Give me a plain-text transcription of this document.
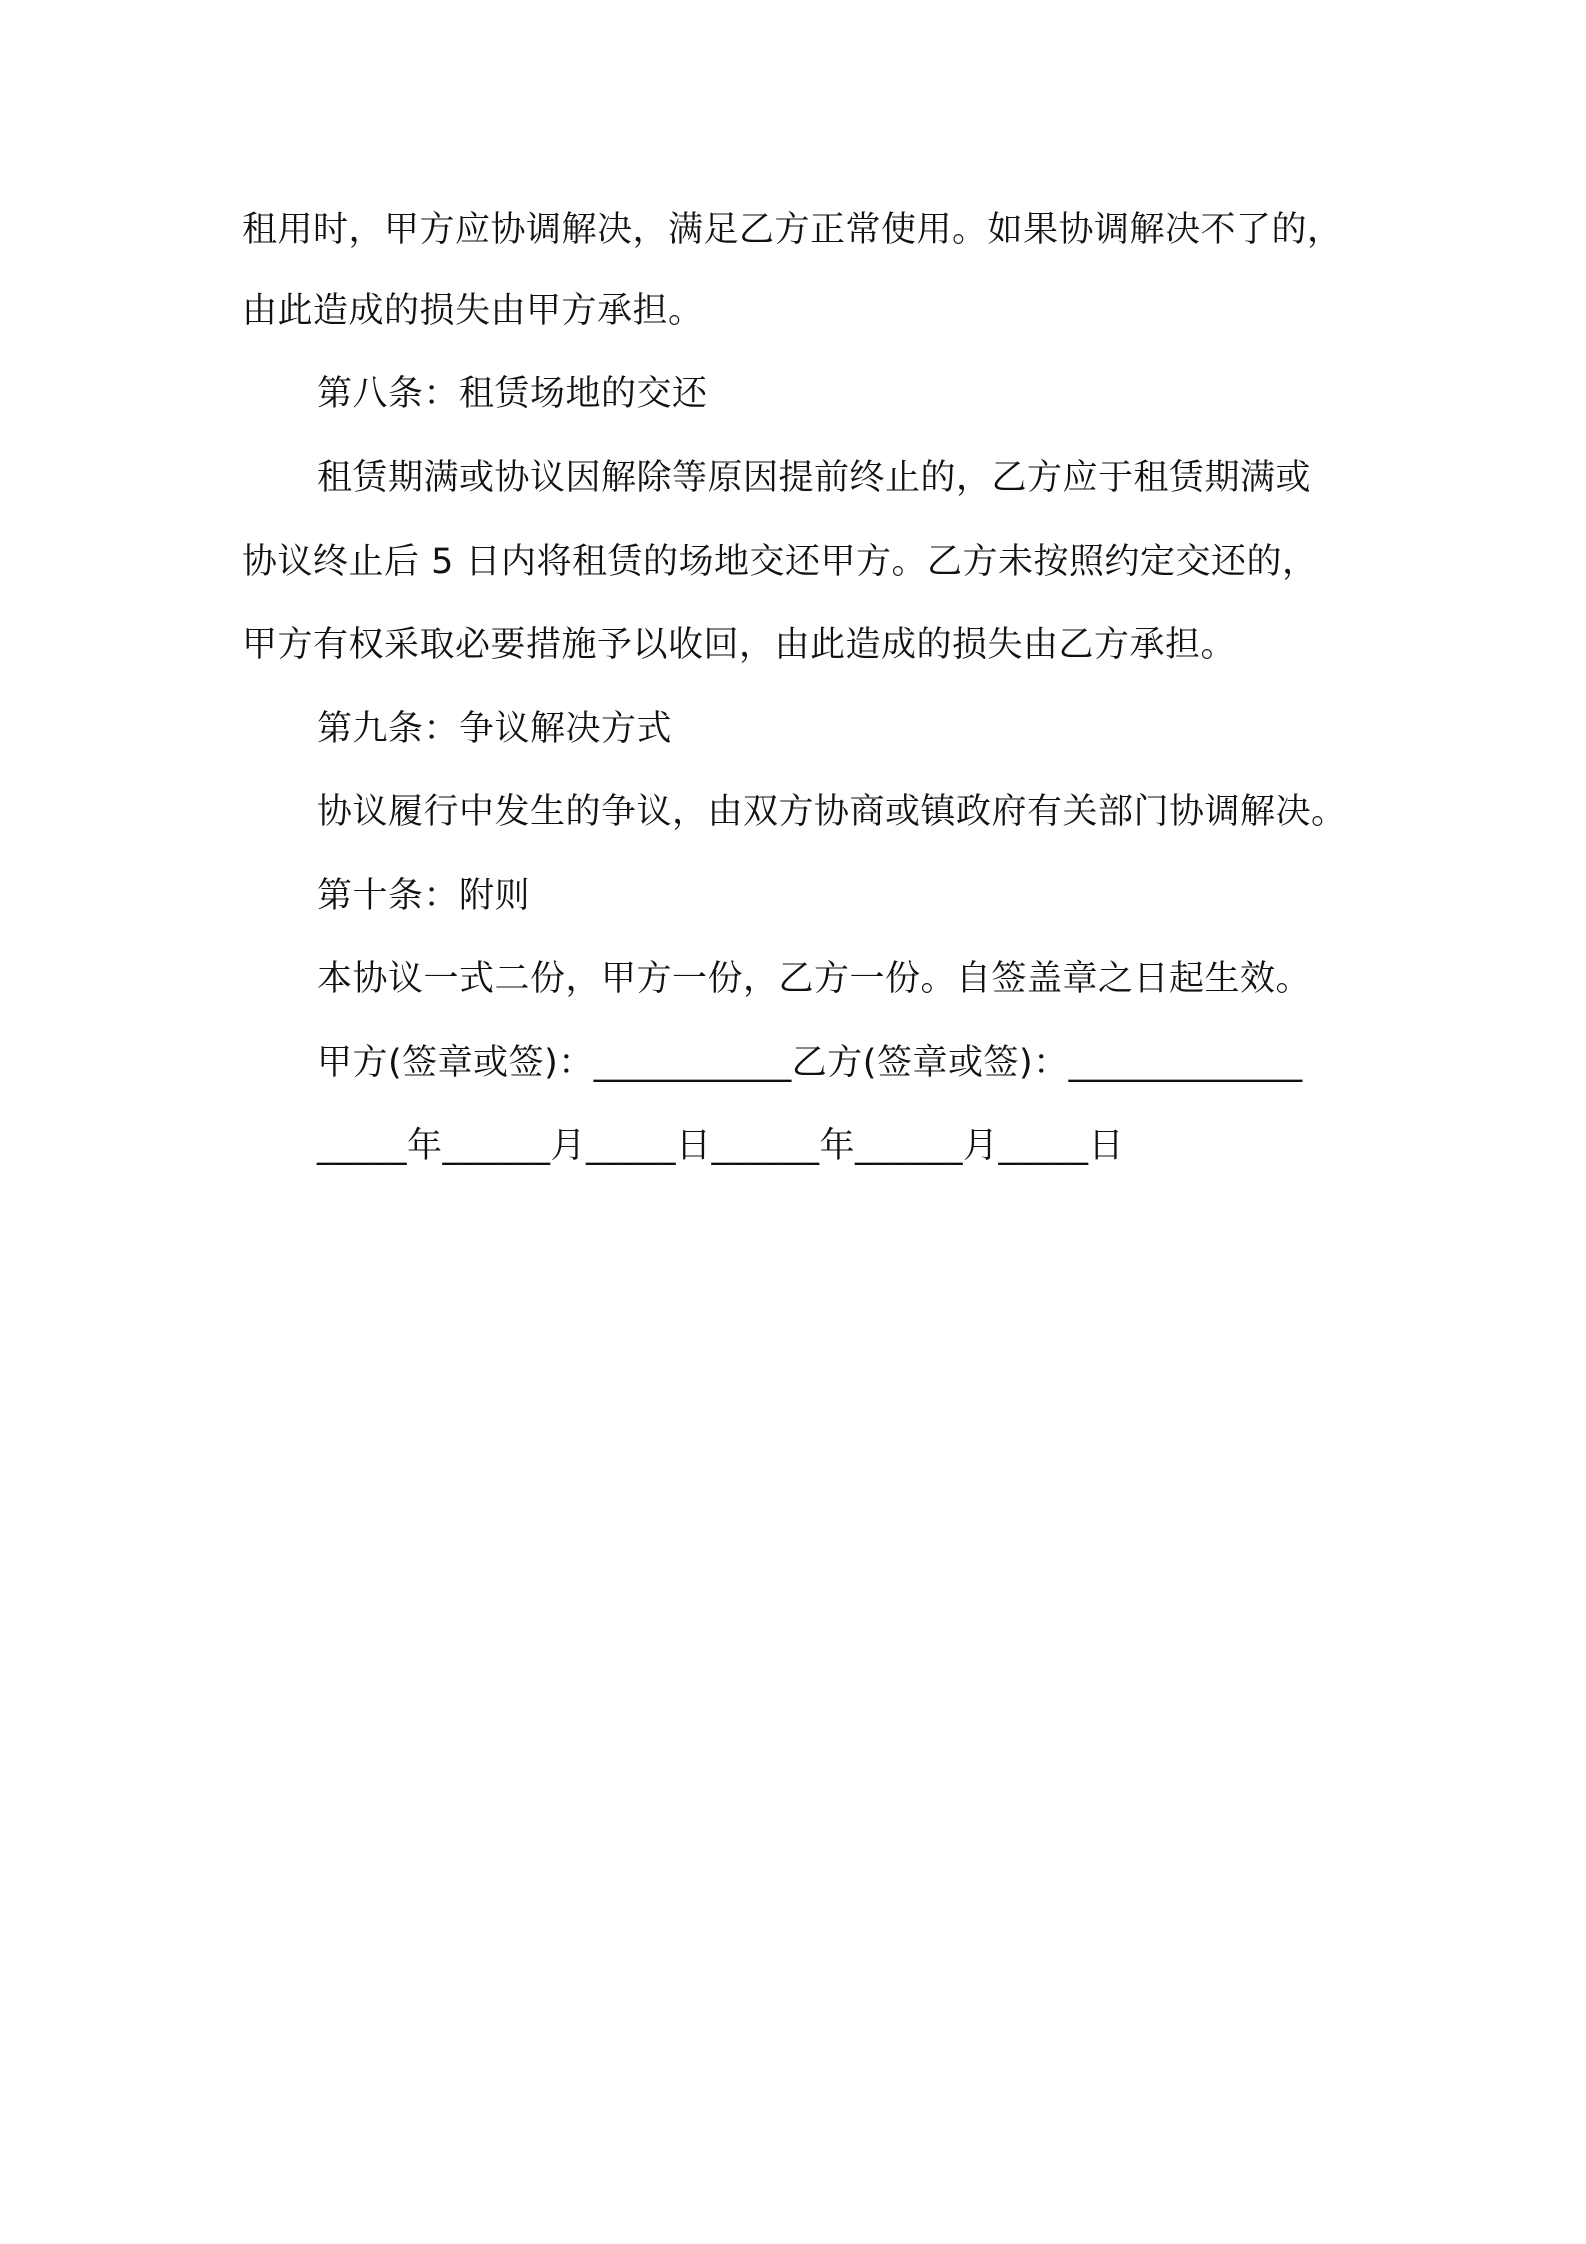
租用时，甲方应协调解决，满足乙方正常使用。如果协调解决不了的，
由此造成的损失由甲方承担。
第八条：租赁场地的交还
租赁期满或协议因解除等原因提前终止的，乙方应于租赁期满或
协议终止后 5 日内将租赁的场地交还甲方。乙方未按照约定交还的，
甲方有权采取必要措施予以收回，由此造成的损失由乙方承担。
第九条：争议解决方式
协议履行中发生的争议，由双方协商或镇政府有关部门协调解决。
第十条：附则
本协议一式二份，甲方一份，乙方一份。自签盖章之日起生效。
甲方(签章或签)：___________乙方(签章或签)：_____________
_____年______月_____日______年______月_____日
